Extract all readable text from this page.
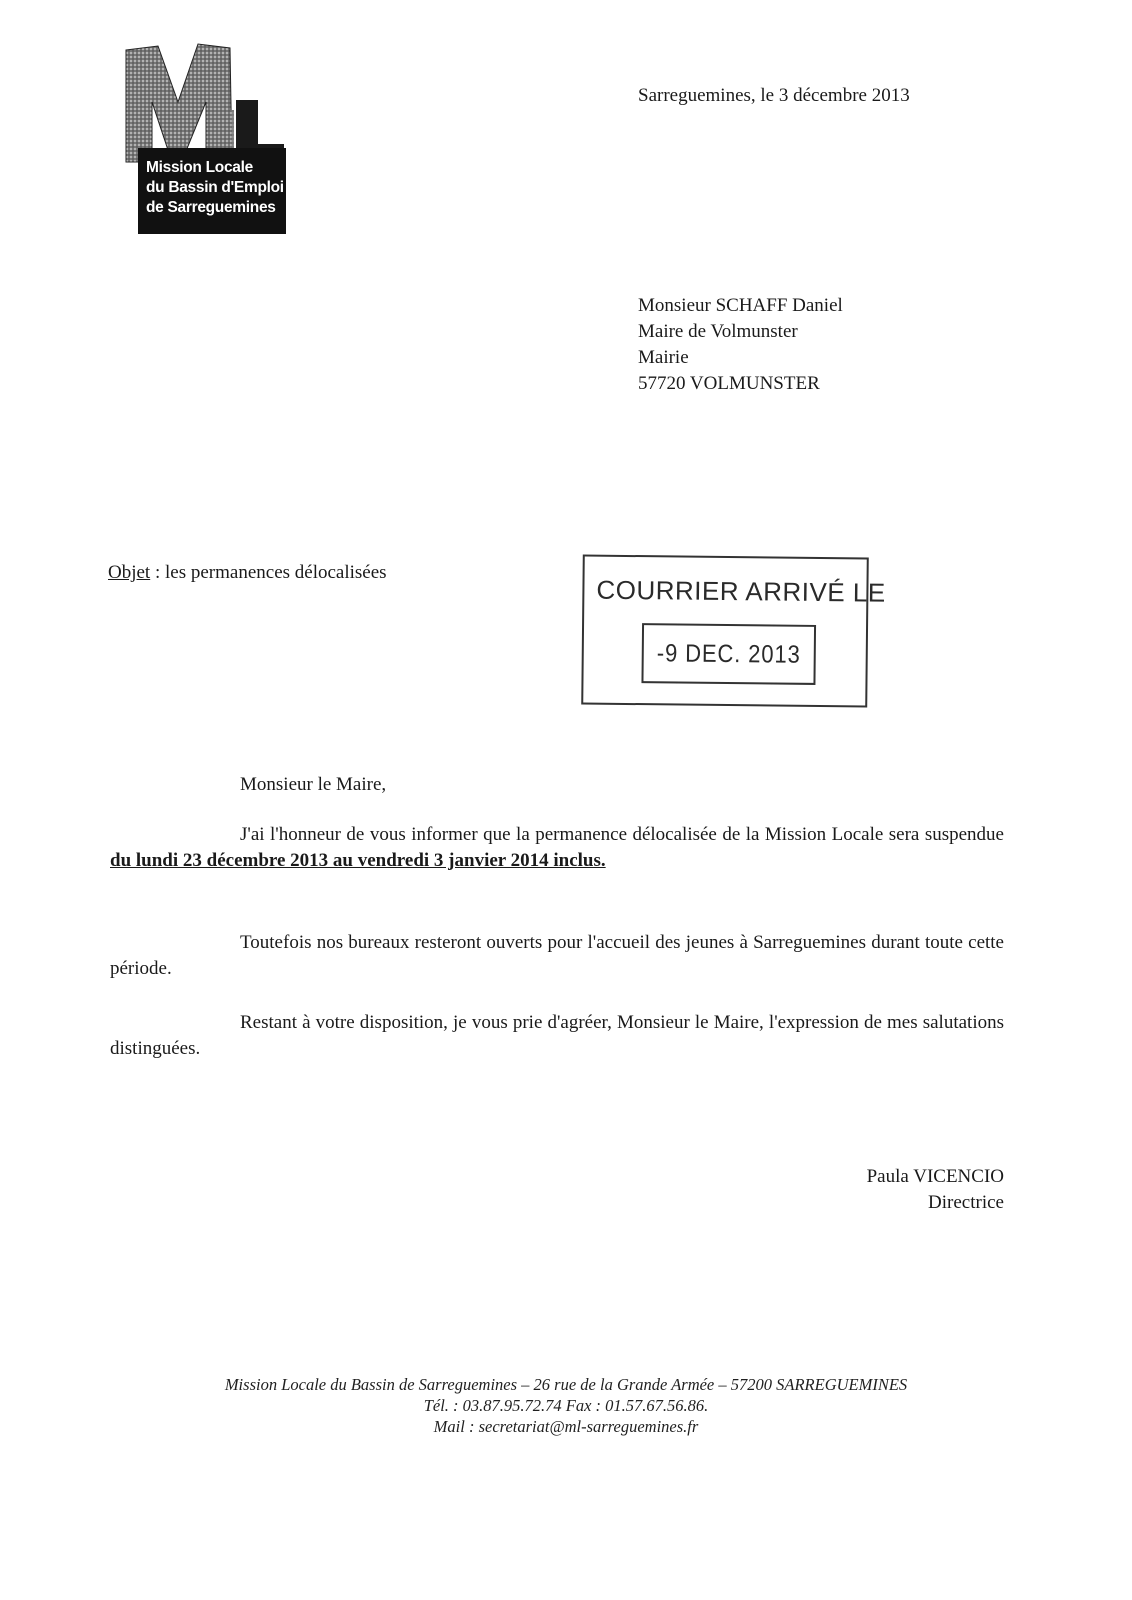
Mission Locale
du Bassin d'Emploi
de Sarreguemines
Sarreguemines, le 3 décembre 2013
Monsieur SCHAFF Daniel
Maire de Volmunster
Mairie
57720 VOLMUNSTER
Objet : les permanences délocalisées
COURRIER ARRIVÉ LE
-9 DEC. 2013
Monsieur le Maire,
J'ai l'honneur de vous informer que la permanence délocalisée de la Mission Locale sera suspendue du lundi 23 décembre 2013 au vendredi 3 janvier 2014 inclus.
Toutefois nos bureaux resteront ouverts pour l'accueil des jeunes à Sarreguemines durant toute cette période.
Restant à votre disposition, je vous prie d'agréer, Monsieur le Maire, l'expression de mes salutations distinguées.
Paula VICENCIO
Directrice
Mission Locale du Bassin de Sarreguemines – 26 rue de la Grande Armée – 57200 SARREGUEMINES
Tél. : 03.87.95.72.74 Fax : 01.57.67.56.86.
Mail : secretariat@ml-sarreguemines.fr
